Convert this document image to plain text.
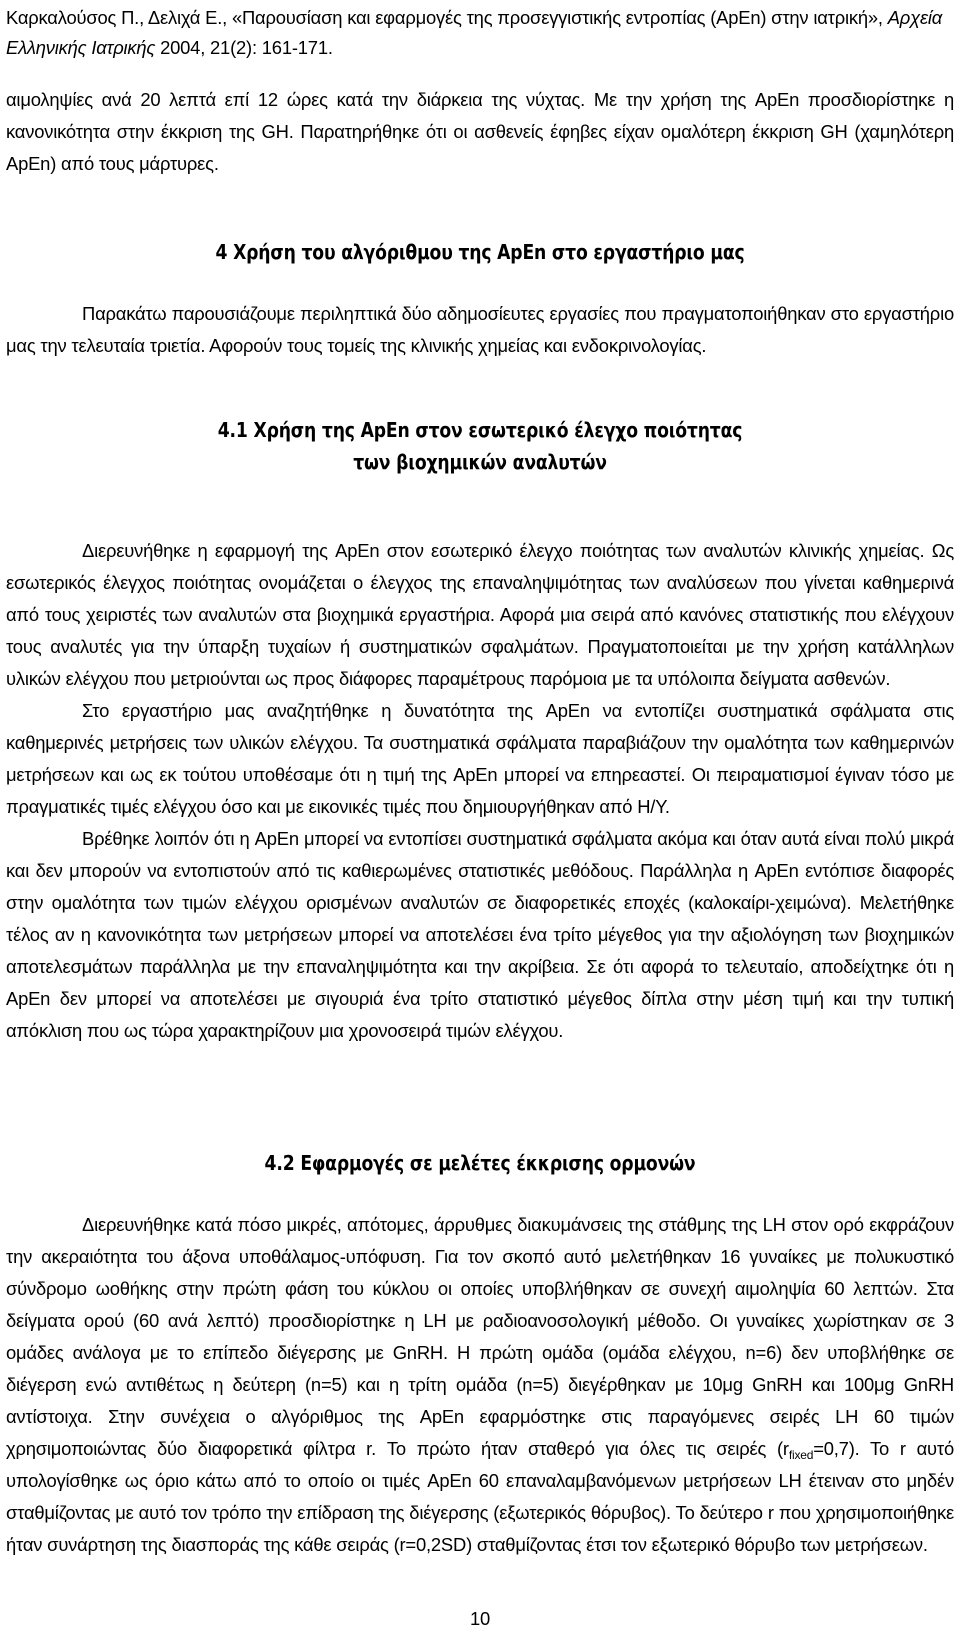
Καρκαλούσος Π., Δελιχά Ε., «Παρουσίαση και εφαρμογές της προσεγγιστικής εντροπίας (ApEn) στην ιατρική», Αρχεία Ελληνικής Ιατρικής 2004, 21(2): 161-171.
αιμοληψίες ανά 20 λεπτά επί 12 ώρες κατά την διάρκεια της νύχτας. Με την χρήση της ApEn προσδιορίστηκε η κανονικότητα στην έκκριση της GH. Παρατηρήθηκε ότι οι ασθενείς έφηβες είχαν ομαλότερη έκκριση GH (χαμηλότερη ApEn) από τους μάρτυρες.
4 Χρήση του αλγόριθμου της ApEn στο εργαστήριο μας

Παρακάτω παρουσιάζουμε περιληπτικά δύο αδημοσίευτες εργασίες που πραγματοποιήθηκαν στο εργαστήριο μας την τελευταία τριετία. Αφορούν τους τομείς της κλινικής χημείας και ενδοκρινολογίας.

4.1 Χρήση της ApEn στον εσωτερικό έλεγχο ποιότητας
των βιοχημικών αναλυτών

Διερευνήθηκε η εφαρμογή της ApEn στον εσωτερικό έλεγχο ποιότητας των αναλυτών κλινικής χημείας. Ως εσωτερικός έλεγχος ποιότητας ονομάζεται ο έλεγχος της επαναληψιμότητας των αναλύσεων που γίνεται καθημερινά από τους χειριστές των αναλυτών στα βιοχημικά εργαστήρια. Αφορά μια σειρά από κανόνες στατιστικής που ελέγχουν τους αναλυτές για την ύπαρξη τυχαίων ή συστηματικών σφαλμάτων. Πραγματοποιείται με την χρήση κατάλληλων υλικών ελέγχου που μετριούνται ως προς διάφορες παραμέτρους παρόμοια με τα υπόλοιπα δείγματα ασθενών.

Στο εργαστήριο μας αναζητήθηκε η δυνατότητα της ApEn να εντοπίζει συστηματικά σφάλματα στις καθημερινές μετρήσεις των υλικών ελέγχου. Τα συστηματικά σφάλματα παραβιάζουν την ομαλότητα των καθημερινών μετρήσεων και ως εκ τούτου υποθέσαμε ότι η τιμή της ApEn μπορεί να επηρεαστεί. Οι πειραματισμοί έγιναν τόσο με πραγματικές τιμές ελέγχου όσο και με εικονικές τιμές που δημιουργήθηκαν από Η/Υ.

Βρέθηκε λοιπόν ότι η ApEn μπορεί να εντοπίσει συστηματικά σφάλματα ακόμα και όταν αυτά είναι πολύ μικρά και δεν μπορούν να εντοπιστούν από τις καθιερωμένες στατιστικές μεθόδους. Παράλληλα η ApEn εντόπισε διαφορές στην ομαλότητα των τιμών ελέγχου ορισμένων αναλυτών σε διαφορετικές εποχές (καλοκαίρι-χειμώνα). Μελετήθηκε τέλος αν η κανονικότητα των μετρήσεων μπορεί να αποτελέσει ένα τρίτο μέγεθος για την αξιολόγηση των βιοχημικών αποτελεσμάτων παράλληλα με την επαναληψιμότητα και την ακρίβεια. Σε ότι αφορά το τελευταίο, αποδείχτηκε ότι η ApEn δεν μπορεί να αποτελέσει με σιγουριά ένα τρίτο στατιστικό μέγεθος δίπλα στην μέση τιμή και την τυπική απόκλιση που ως τώρα χαρακτηρίζουν μια χρονοσειρά τιμών ελέγχου.

4.2 Εφαρμογές σε μελέτες έκκρισης ορμονών

Διερευνήθηκε κατά πόσο μικρές, απότομες, άρρυθμες διακυμάνσεις της στάθμης της LH στον ορό εκφράζουν την ακεραιότητα του άξονα υποθάλαμος-υπόφυση. Για τον σκοπό αυτό μελετήθηκαν 16 γυναίκες με πολυκυστικό σύνδρομο ωοθήκης στην πρώτη φάση του κύκλου οι οποίες υποβλήθηκαν σε συνεχή αιμοληψία 60 λεπτών. Στα δείγματα ορού (60 ανά λεπτό) προσδιορίστηκε η LH με ραδιοανοσολογική μέθοδο. Οι γυναίκες χωρίστηκαν σε 3 ομάδες ανάλογα με το επίπεδο διέγερσης με GnRH. Η πρώτη ομάδα (ομάδα ελέγχου, n=6) δεν υποβλήθηκε σε διέγερση ενώ αντιθέτως η δεύτερη (n=5) και η τρίτη ομάδα (n=5) διεγέρθηκαν με 10μg GnRH και 100μg GnRH αντίστοιχα. Στην συνέχεια ο αλγόριθμος της ApEn εφαρμόστηκε στις παραγόμενες σειρές LH 60 τιμών χρησιμοποιώντας δύο διαφορετικά φίλτρα r. Το πρώτο ήταν σταθερό για όλες τις σειρές $(r_{fixed}=0,7)$. Το r αυτό υπολογίσθηκε ως όριο κάτω από το οποίο οι τιμές ApEn 60 επαναλαμβανόμενων μετρήσεων LH έτειναν στο μηδέν σταθμίζοντας με αυτό τον τρόπο την επίδραση της διέγερσης (εξωτερικός θόρυβος). Το δεύτερο r που χρησιμοποιήθηκε ήταν συνάρτηση της διασποράς της κάθε σειράς (r=0,2SD) σταθμίζοντας έτσι τον εξωτερικό θόρυβο των μετρήσεων.

10
